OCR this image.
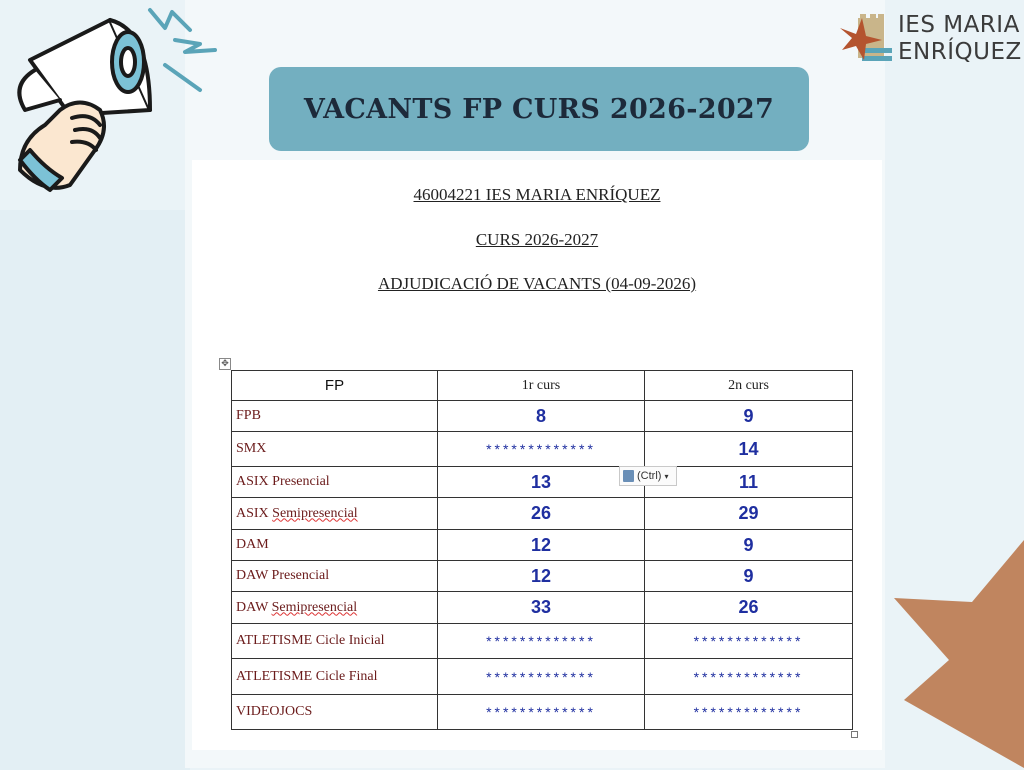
IES MARIA
ENRÍQUEZ
VACANTS FP CURS 2026-2027
46004221 IES MARIA ENRÍQUEZ
CURS 2026-2027
ADJUDICACIÓ DE VACANTS (04-09-2026)
✥
FP	1r curs	2n curs
FPB	8	9
SMX	*************	14
ASIX Presencial	13	11
ASIX Semipresencial	26	29
DAM	12	9
DAW Presencial	12	9
DAW Semipresencial	33	26
ATLETISME Cicle Inicial	*************	*************
ATLETISME Cicle Final	*************	*************
VIDEOJOCS	*************	*************
(Ctrl) ▾
